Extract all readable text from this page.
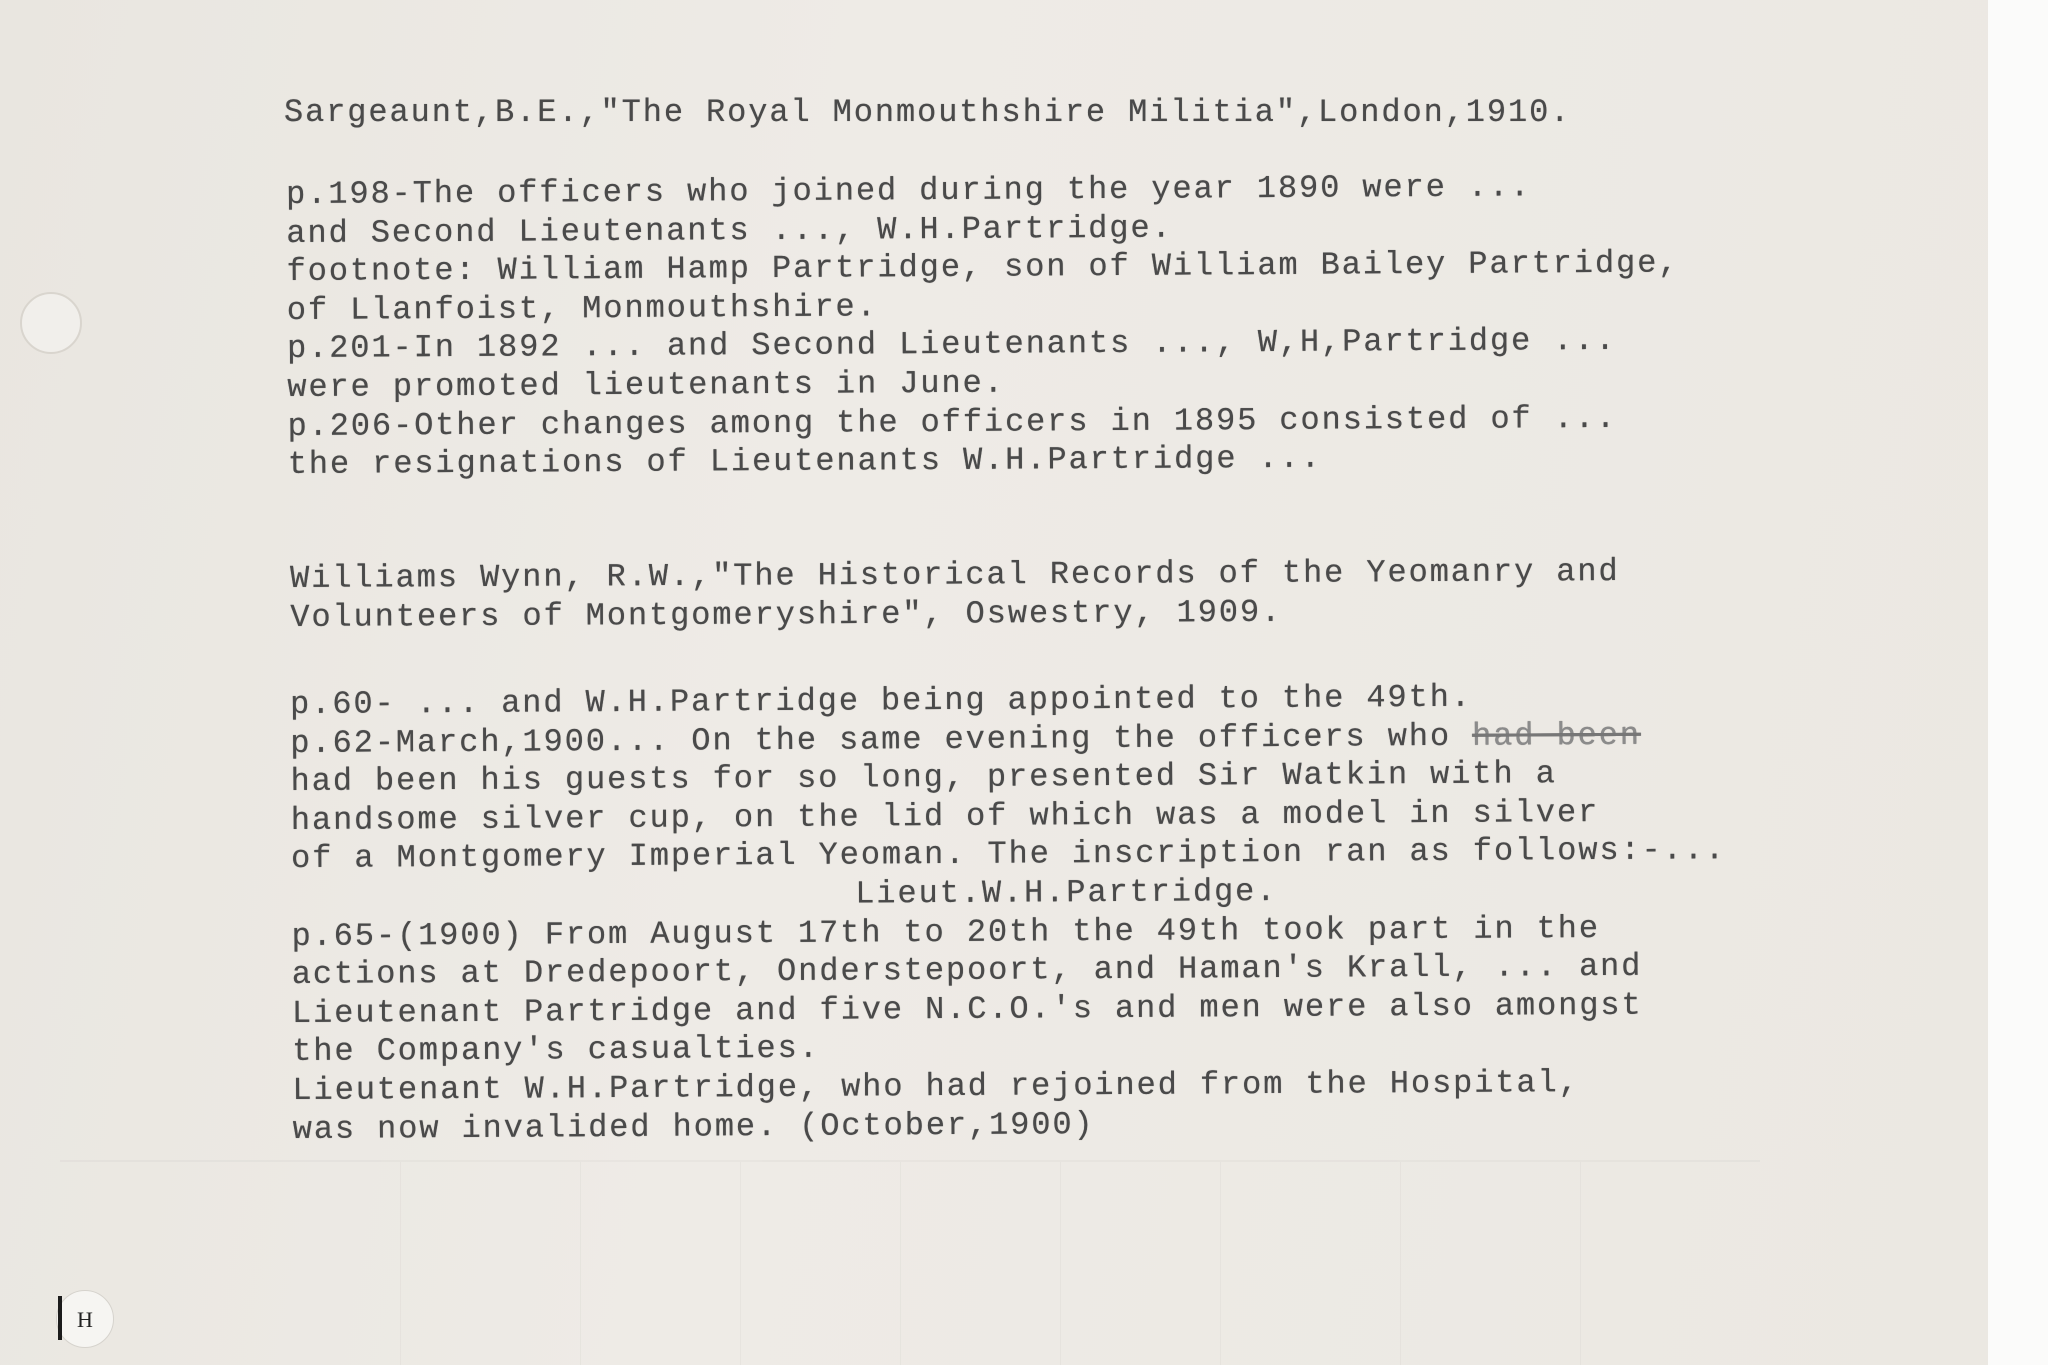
Sargeaunt,B.E.,"The Royal Monmouthshire Militia",London,1910.
p.198-The officers who joined during the year 1890 were ...
and Second Lieutenants ..., W.H.Partridge.
footnote: William Hamp Partridge, son of William Bailey Partridge,
of Llanfoist, Monmouthshire.
p.201-In 1892 ... and Second Lieutenants ..., W,H,Partridge ...
were promoted lieutenants in June.
p.206-Other changes among the officers in 1895 consisted of ...
the resignations of Lieutenants W.H.Partridge ...
Williams Wynn, R.W.,"The Historical Records of the Yeomanry and
Volunteers of Montgomeryshire", Oswestry, 1909.
p.60- ... and W.H.Partridge being appointed to the 49th.
p.62-March,1900... On the same evening the officers who had been
had been his guests for so long, presented Sir Watkin with a
handsome silver cup, on the lid of which was a model in silver
of a Montgomery Imperial Yeoman. The inscription ran as follows:-...
Lieut.W.H.Partridge.
p.65-(1900) From August 17th to 20th the 49th took part in the
actions at Dredepoort, Onderstepoort, and Haman's Krall, ... and
Lieutenant Partridge and five N.C.O.'s and men were also amongst
the Company's casualties.
Lieutenant W.H.Partridge, who had rejoined from the Hospital,
was now invalided home. (October,1900)
H
